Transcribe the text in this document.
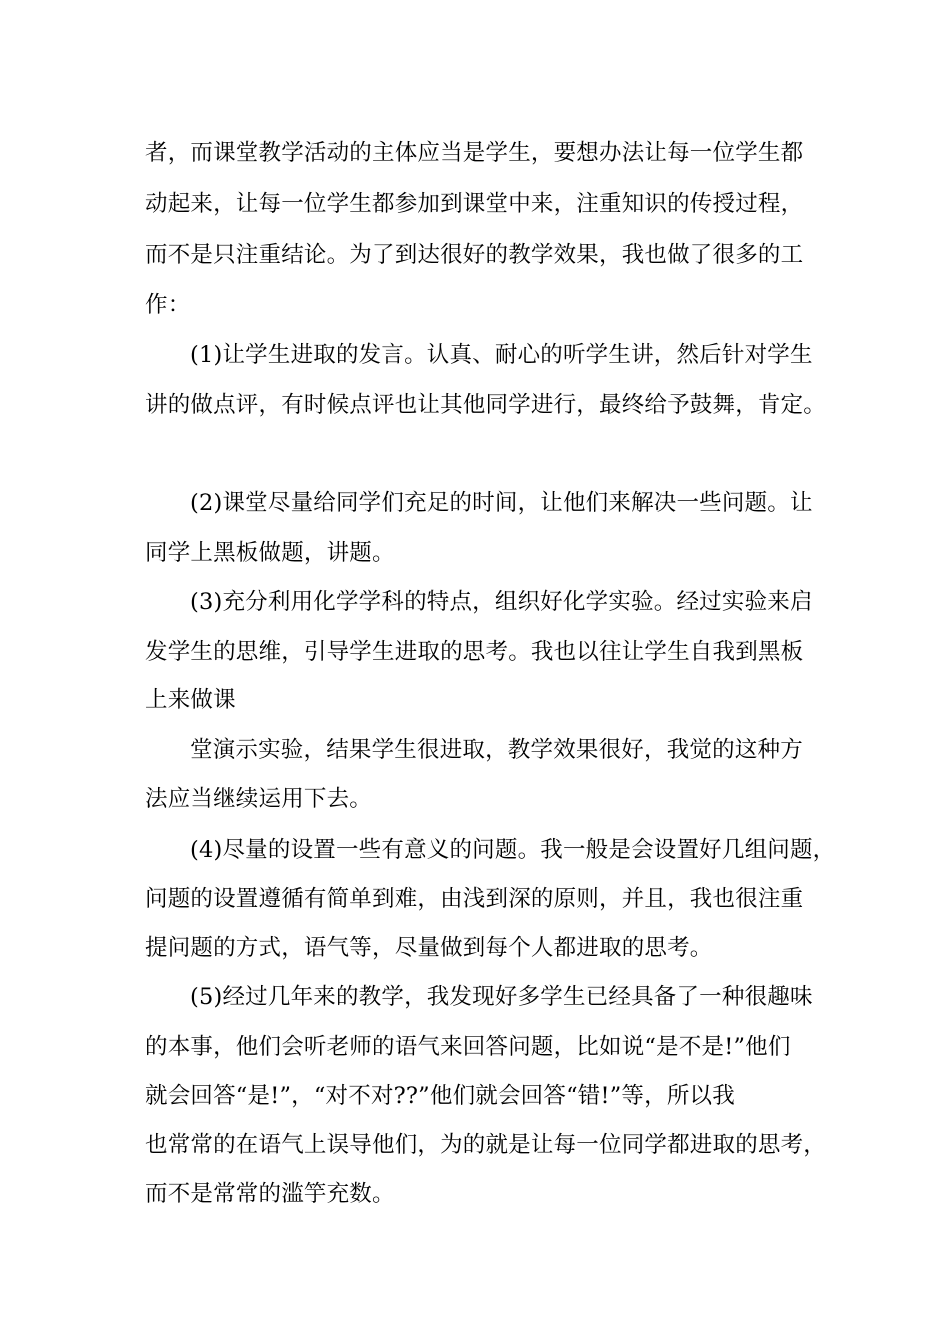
者，而课堂教学活动的主体应当是学生，要想办法让每一位学生都

动起来，让每一位学生都参加到课堂中来，注重知识的传授过程，

而不是只注重结论。为了到达很好的教学效果，我也做了很多的工

作：

(1)让学生进取的发言。认真、耐心的听学生讲，然后针对学生

讲的做点评，有时候点评也让其他同学进行，最终给予鼓舞，肯定。

(2)课堂尽量给同学们充足的时间，让他们来解决一些问题。让

同学上黑板做题，讲题。

(3)充分利用化学学科的特点，组织好化学实验。经过实验来启

发学生的思维，引导学生进取的思考。我也以往让学生自我到黑板

上来做课

堂演示实验，结果学生很进取，教学效果很好，我觉的这种方

法应当继续运用下去。

(4)尽量的设置一些有意义的问题。我一般是会设置好几组问题，

问题的设置遵循有简单到难，由浅到深的原则，并且，我也很注重

提问题的方式，语气等，尽量做到每个人都进取的思考。

(5)经过几年来的教学，我发现好多学生已经具备了一种很趣味

的本事，他们会听老师的语气来回答问题，比如说“是不是!”他们

就会回答“是!”，“对不对??”他们就会回答“错!”等，所以我

也常常的在语气上误导他们，为的就是让每一位同学都进取的思考，

而不是常常的滥竽充数。
